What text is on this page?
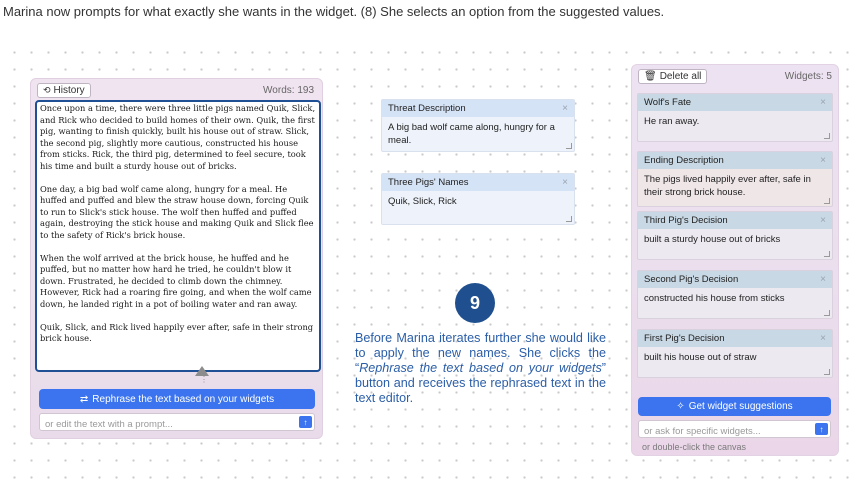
Marina now prompts for what exactly she wants in the widget. (8) She selects an option from the suggested values.
⟲ History	Words: 193

Once upon a time, there were three little pigs named Quik, Slick, and Rick who decided to build homes of their own. Quik, the first pig, wanting to finish quickly, built his house out of straw. Slick, the second pig, slightly more cautious, constructed his house from sticks. Rick, the third pig, determined to feel secure, took his time and built a sturdy house out of bricks.

One day, a big bad wolf came along, hungry for a meal. He huffed and puffed and blew the straw house down, forcing Quik to run to Slick's stick house. The wolf then huffed and puffed again, destroying the stick house and making Quik and Slick flee to the safety of Rick's brick house.

When the wolf arrived at the brick house, he huffed and he puffed, but no matter how hard he tried, he couldn't blow it down. Frustrated, he decided to climb down the chimney. However, Rick had a roaring fire going, and when the wolf came down, he landed right in a pot of boiling water and ran away.

Quik, Slick, and Rick lived happily ever after, safe in their strong brick house.

⋮
⇄ Rephrase the text based on your widgets
or edit the text with a prompt...
↑
Threat Description	×
A big bad wolf came along, hungry for a meal.
Three Pigs' Names	×
Quik, Slick, Rick
9
Before Marina iterates further she would like to apply the new names. She clicks the “Rephrase the text based on your widgets” button and receives the rephrased text in the text editor.
🗑︎ Delete all	Widgets: 5
Wolf's Fate	×
He ran away.
Ending Description	×
The pigs lived happily ever after, safe in their strong brick house.
Third Pig's Decision	×
built a sturdy house out of bricks
Second Pig's Decision	×
constructed his house from sticks
First Pig's Decision	×
built his house out of straw
✧ Get widget suggestions
or ask for specific widgets...
↑
or double-click the canvas
